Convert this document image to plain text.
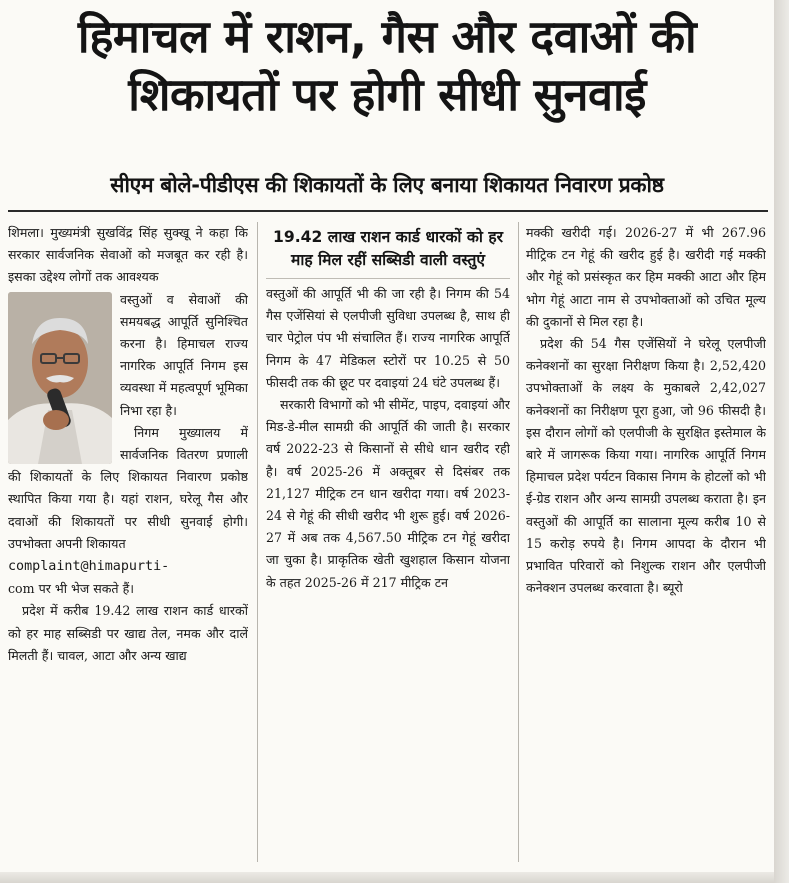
हिमाचल में राशन, गैस और दवाओं की शिकायतों पर होगी सीधी सुनवाई
सीएम बोले-पीडीएस की शिकायतों के लिए बनाया शिकायत निवारण प्रकोष्ठ

शिमला। मुख्यमंत्री सुखविंद्र सिंह सुक्खू ने कहा कि सरकार सार्वजनिक सेवाओं को मजबूत कर रही है। इसका उद्देश्य लोगों तक आवश्यक

वस्तुओं व सेवाओं की समयबद्ध आपूर्ति सुनिश्चित करना है। हिमाचल राज्य नागरिक आपूर्ति निगम इस व्यवस्था में महत्वपूर्ण भूमिका निभा रहा है।

निगम मुख्यालय में सार्वजनिक वितरण प्रणाली की शिकायतों के लिए शिकायत निवारण प्रकोष्ठ स्थापित किया गया है। यहां राशन, घरेलू गैस और दवाओं की शिकायतों पर सीधी सुनवाई होगी। उपभोक्ता अपनी शिकायत

complaint@himapurti-

com पर भी भेज सकते हैं।

प्रदेश में करीब 19.42 लाख राशन कार्ड धारकों को हर माह सब्सिडी पर खाद्य तेल, नमक और दालें मिलती हैं। चावल, आटा और अन्य खाद्य

19.42 लाख राशन कार्ड धारकों को हर माह मिल रहीं सब्सिडी वाली वस्तुएं

वस्तुओं की आपूर्ति भी की जा रही है। निगम की 54 गैस एजेंसियां से एलपीजी सुविधा उपलब्ध है, साथ ही चार पेट्रोल पंप भी संचालित हैं। राज्य नागरिक आपूर्ति निगम के 47 मेडिकल स्टोरों पर 10.25 से 50 फीसदी तक की छूट पर दवाइयां 24 घंटे उपलब्ध हैं।

सरकारी विभागों को भी सीमेंट, पाइप, दवाइयां और मिड-डे-मील सामग्री की आपूर्ति की जाती है। सरकार वर्ष 2022-23 से किसानों से सीधे धान खरीद रही है। वर्ष 2025-26 में अक्तूबर से दिसंबर तक 21,127 मीट्रिक टन धान खरीदा गया। वर्ष 2023-24 से गेहूं की सीधी खरीद भी शुरू हुई। वर्ष 2026-27 में अब तक 4,567.50 मीट्रिक टन गेहूं खरीदा जा चुका है। प्राकृतिक खेती खुशहाल किसान योजना के तहत 2025-26 में 217 मीट्रिक टन

मक्की खरीदी गई। 2026-27 में भी 267.96 मीट्रिक टन गेहूं की खरीद हुई है। खरीदी गई मक्की और गेहूं को प्रसंस्कृत कर हिम मक्की आटा और हिम भोग गेहूं आटा नाम से उपभोक्ताओं को उचित मूल्य की दुकानों से मिल रहा है।

प्रदेश की 54 गैस एजेंसियों ने घरेलू एलपीजी कनेक्शनों का सुरक्षा निरीक्षण किया है। 2,52,420 उपभोक्ताओं के लक्ष्य के मुकाबले 2,42,027 कनेक्शनों का निरीक्षण पूरा हुआ, जो 96 फीसदी है। इस दौरान लोगों को एलपीजी के सुरक्षित इस्तेमाल के बारे में जागरूक किया गया। नागरिक आपूर्ति निगम हिमाचल प्रदेश पर्यटन विकास निगम के होटलों को भी ई-ग्रेड राशन और अन्य सामग्री उपलब्ध कराता है। इन वस्तुओं की आपूर्ति का सालाना मूल्य करीब 10 से 15 करोड़ रुपये है। निगम आपदा के दौरान भी प्रभावित परिवारों को निशुल्क राशन और एलपीजी कनेक्शन उपलब्ध करवाता है। ब्यूरो
